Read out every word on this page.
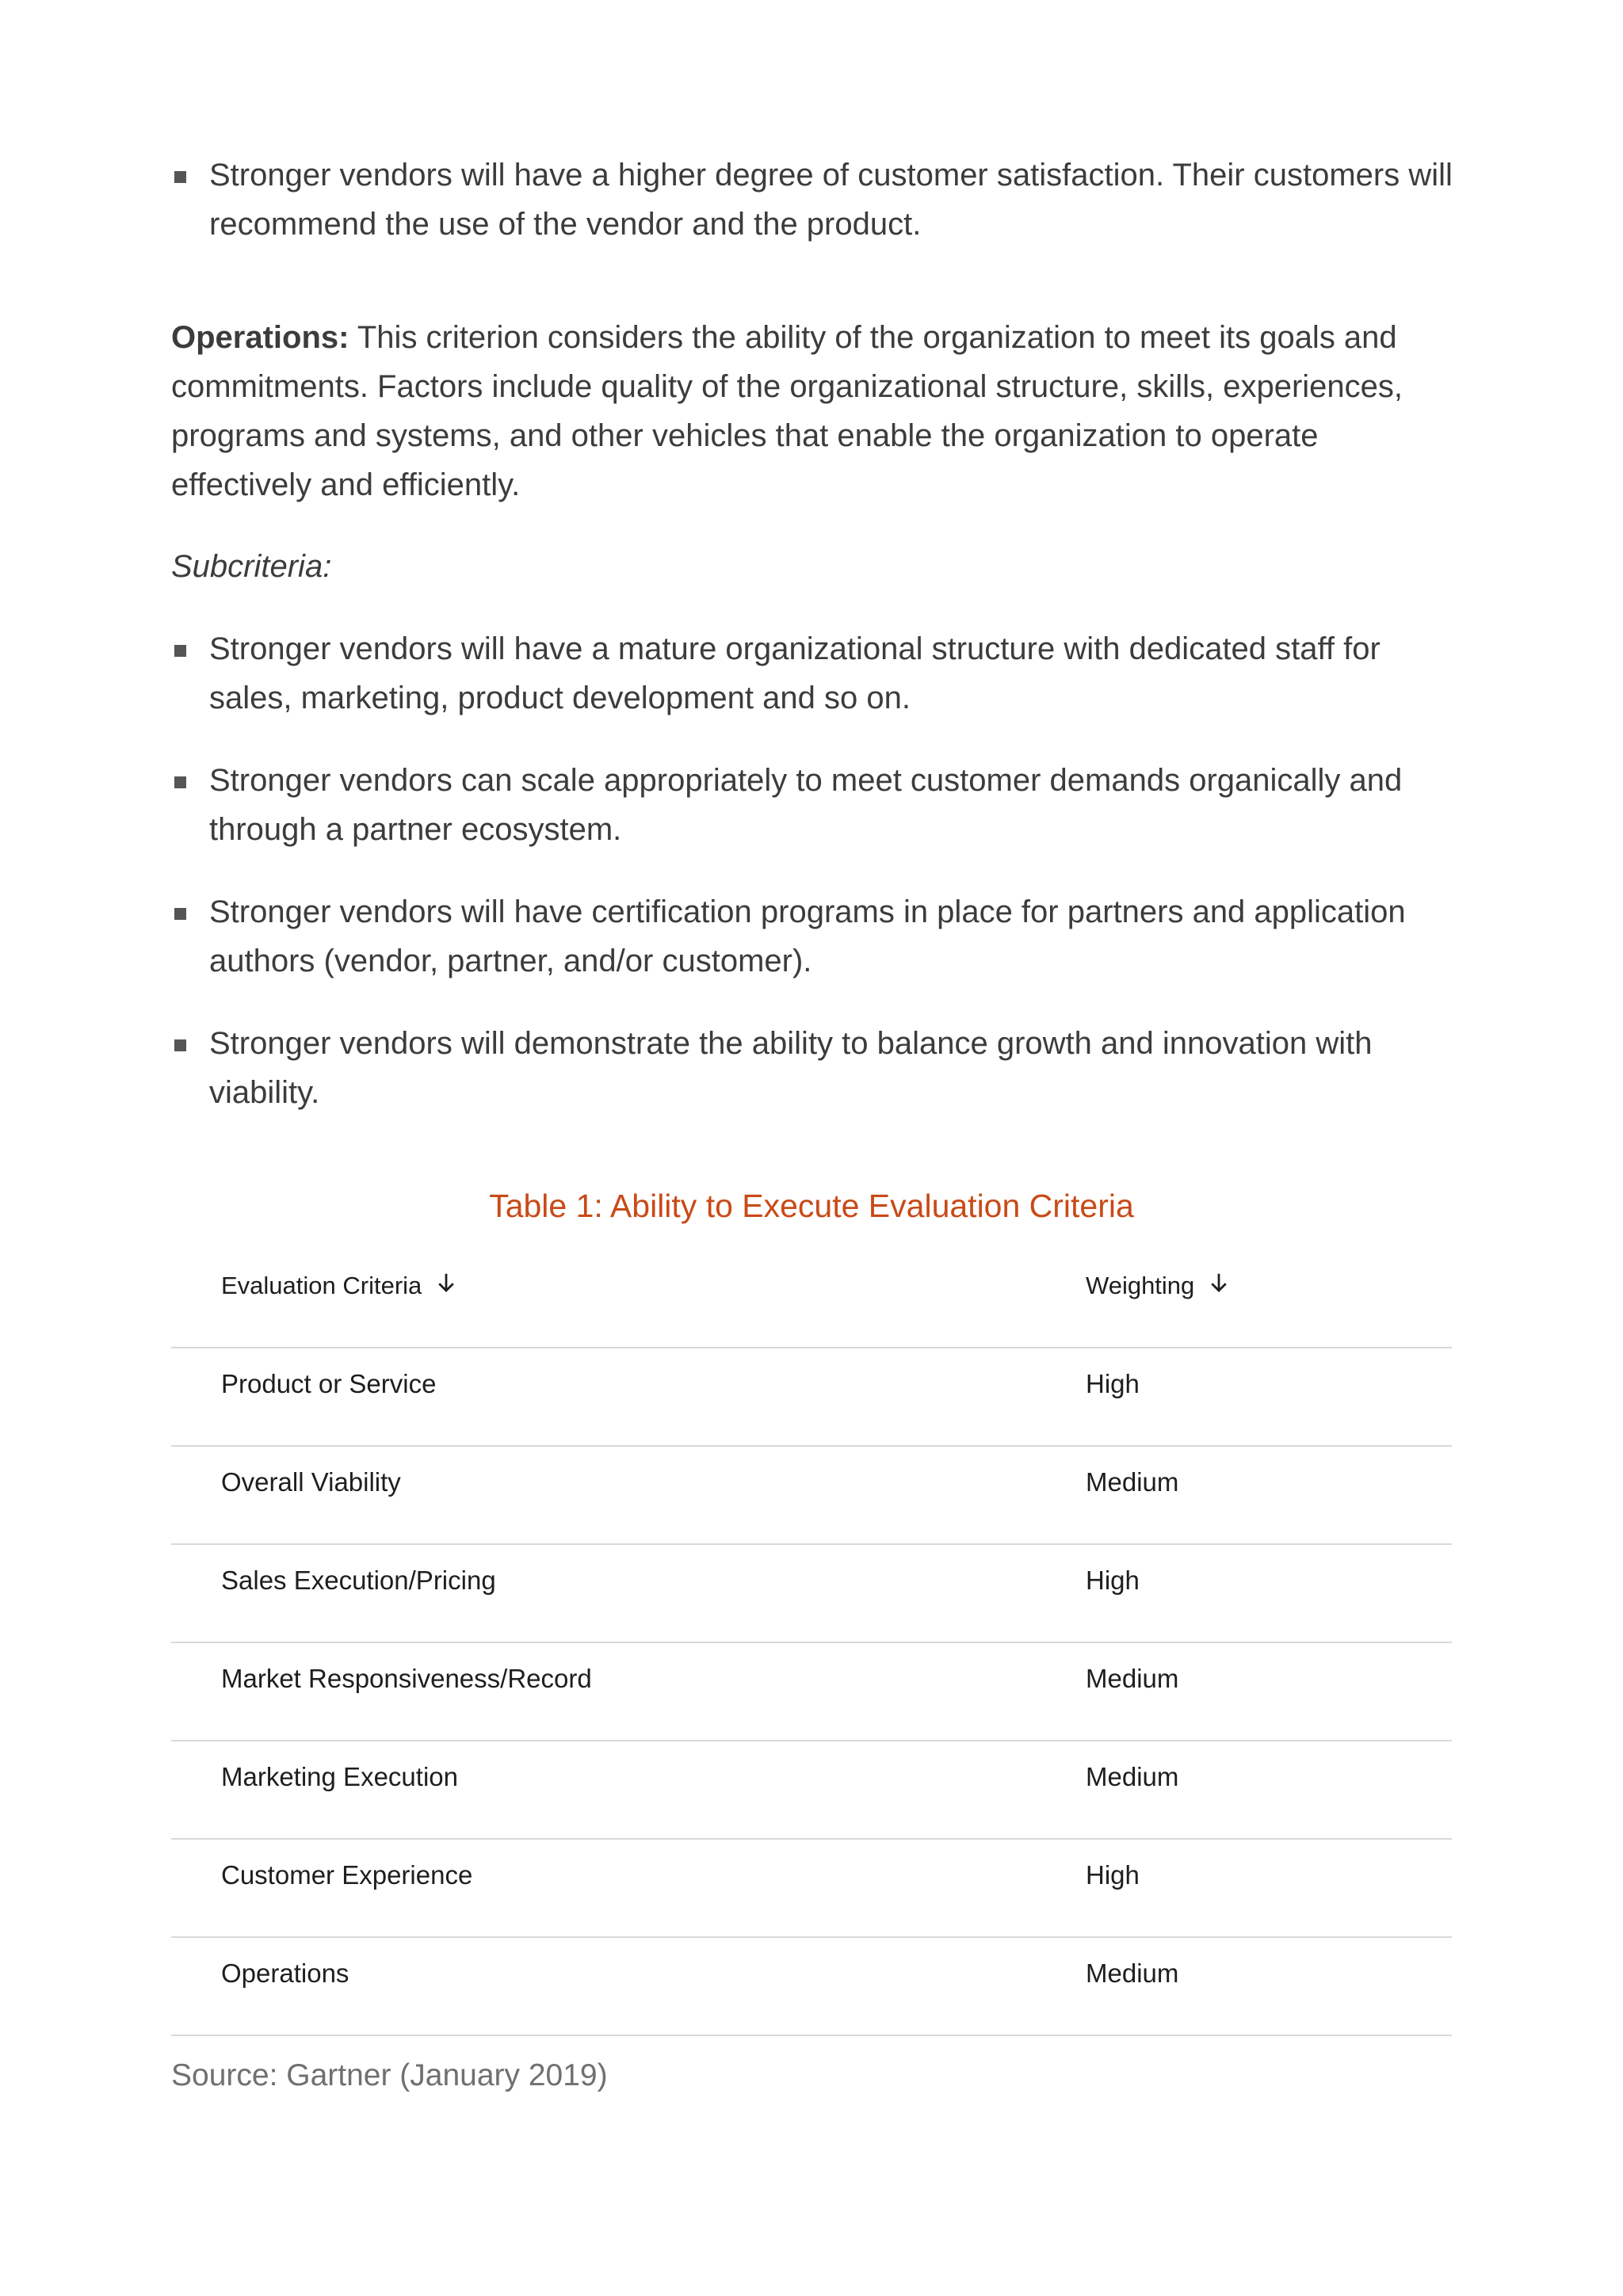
Stronger vendors will have a higher degree of customer satisfaction. Their customers will recommend the use of the vendor and the product.

Operations: This criterion considers the ability of the organization to meet its goals and commitments. Factors include quality of the organizational structure, skills, experiences, programs and systems, and other vehicles that enable the organization to operate effectively and efficiently.

Subcriteria:

Stronger vendors will have a mature organizational structure with dedicated staff for sales, marketing, product development and so on.
Stronger vendors can scale appropriately to meet customer demands organically and through a partner ecosystem.
Stronger vendors will have certification programs in place for partners and application authors (vendor, partner, and/or customer).
Stronger vendors will demonstrate the ability to balance growth and innovation with viability.
Table 1: Ability to Execute Evaluation Criteria
Evaluation Criteria	Weighting
Product or Service	High
Overall Viability	Medium
Sales Execution/Pricing	High
Market Responsiveness/Record	Medium
Marketing Execution	Medium
Customer Experience	High
Operations	Medium

Source: Gartner (January 2019)
